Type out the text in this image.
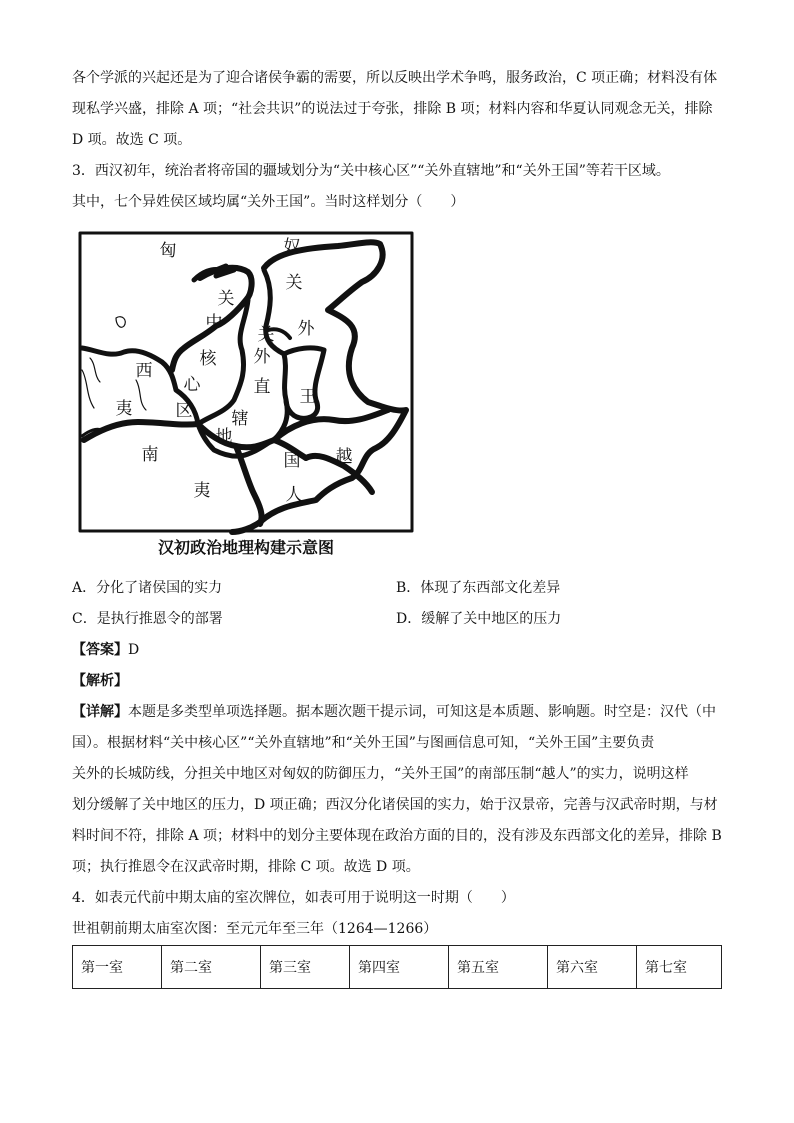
各个学派的兴起还是为了迎合诸侯争霸的需要，所以反映出学术争鸣，服务政治，C 项正确；材料没有体
现私学兴盛，排除 A 项；“社会共识”的说法过于夸张，排除 B 项；材料内容和华夏认同观念无关，排除
D 项。故选 C 项。
3．西汉初年，统治者将帝国的疆域划分为“关中核心区”“关外直辖地”和“关外王国”等若干区域。
其中，七个异姓侯区域均属“关外王国”。当时这样划分（　　）
匈	奴
关
关
中
关 外
核 外
西
心	直 王
夷	区 辖
地
南	越
国
夷	人
汉初政治地理构建示意图
A．分化了诸侯国的实力	B．体现了东西部文化差异
C．是执行推恩令的部署	D．缓解了关中地区的压力
【答案】D
【解析】
【详解】本题是多类型单项选择题。据本题次题干提示词，可知这是本质题、影响题。时空是：汉代（中
国）。根据材料“关中核心区”“关外直辖地”和“关外王国”与图画信息可知，“关外王国”主要负责
关外的长城防线，分担关中地区对匈奴的防御压力，“关外王国”的南部压制“越人”的实力，说明这样
划分缓解了关中地区的压力，D 项正确；西汉分化诸侯国的实力，始于汉景帝，完善与汉武帝时期，与材
料时间不符，排除 A 项；材料中的划分主要体现在政治方面的目的，没有涉及东西部文化的差异，排除 B
项；执行推恩令在汉武帝时期，排除 C 项。故选 D 项。
4．如表元代前中期太庙的室次牌位，如表可用于说明这一时期（　　）
世祖朝前期太庙室次图：至元元年至三年（1264—1266）
第一室	第二室	第三室	第四室	第五室	第六室	第七室
